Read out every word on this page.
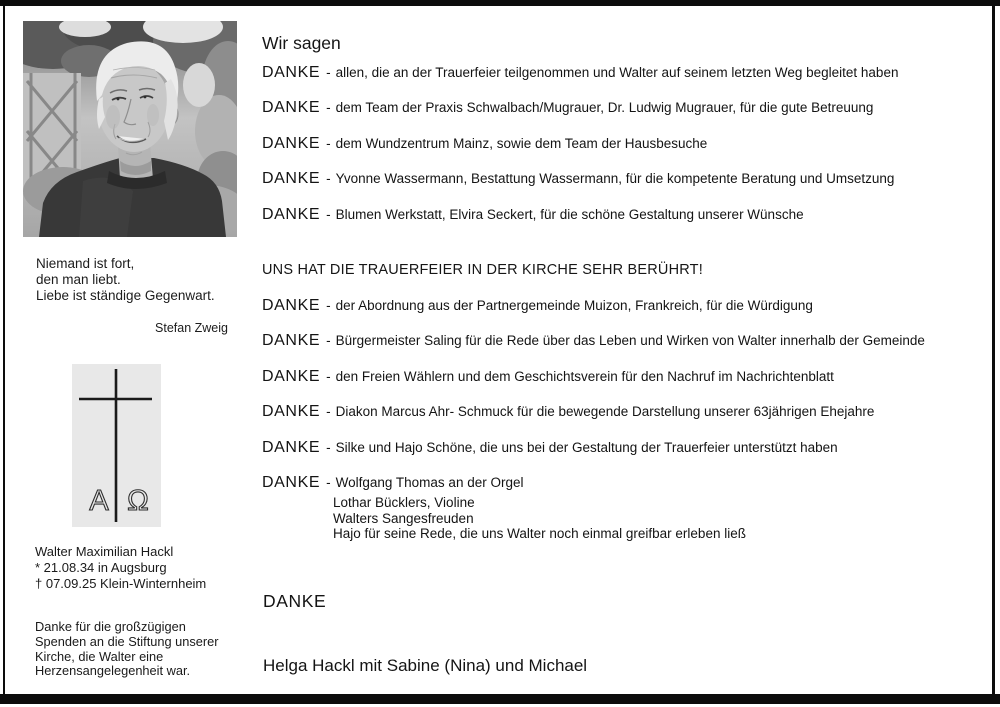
Niemand ist fort,
den man liebt.
Liebe ist ständige Gegenwart.
Stefan Zweig
A Ω
Walter Maximilian Hackl
* 21.08.34 in Augsburg
† 07.09.25 Klein-Winternheim
Danke für die großzügigen
Spenden an die Stiftung unserer
Kirche, die Walter eine
Herzensangelegenheit war.
Wir sagen
DANKE - allen, die an der Trauerfeier teilgenommen und Walter auf seinem letzten Weg begleitet haben
DANKE - dem Team der Praxis Schwalbach/Mugrauer, Dr. Ludwig Mugrauer, für die gute Betreuung
DANKE - dem Wundzentrum Mainz, sowie dem Team der Hausbesuche
DANKE - Yvonne Wassermann, Bestattung Wassermann, für die kompetente Beratung und Umsetzung
DANKE - Blumen Werkstatt, Elvira Seckert, für die schöne Gestaltung unserer Wünsche
UNS HAT DIE TRAUERFEIER IN DER KIRCHE SEHR BERÜHRT!
DANKE - der Abordnung aus der Partnergemeinde Muizon, Frankreich, für die Würdigung
DANKE - Bürgermeister Saling für die Rede über das Leben und Wirken von Walter innerhalb der Gemeinde
DANKE - den Freien Wählern und dem Geschichtsverein für den Nachruf im Nachrichtenblatt
DANKE - Diakon Marcus Ahr- Schmuck für die bewegende Darstellung unserer 63jährigen Ehejahre
DANKE - Silke und Hajo Schöne, die uns bei der Gestaltung der Trauerfeier unterstützt haben
DANKE - Wolfgang Thomas an der Orgel
Lothar Bücklers, Violine
Walters Sangesfreuden
Hajo für seine Rede, die uns Walter noch einmal greifbar erleben ließ
DANKE
Helga Hackl mit Sabine (Nina) und Michael
